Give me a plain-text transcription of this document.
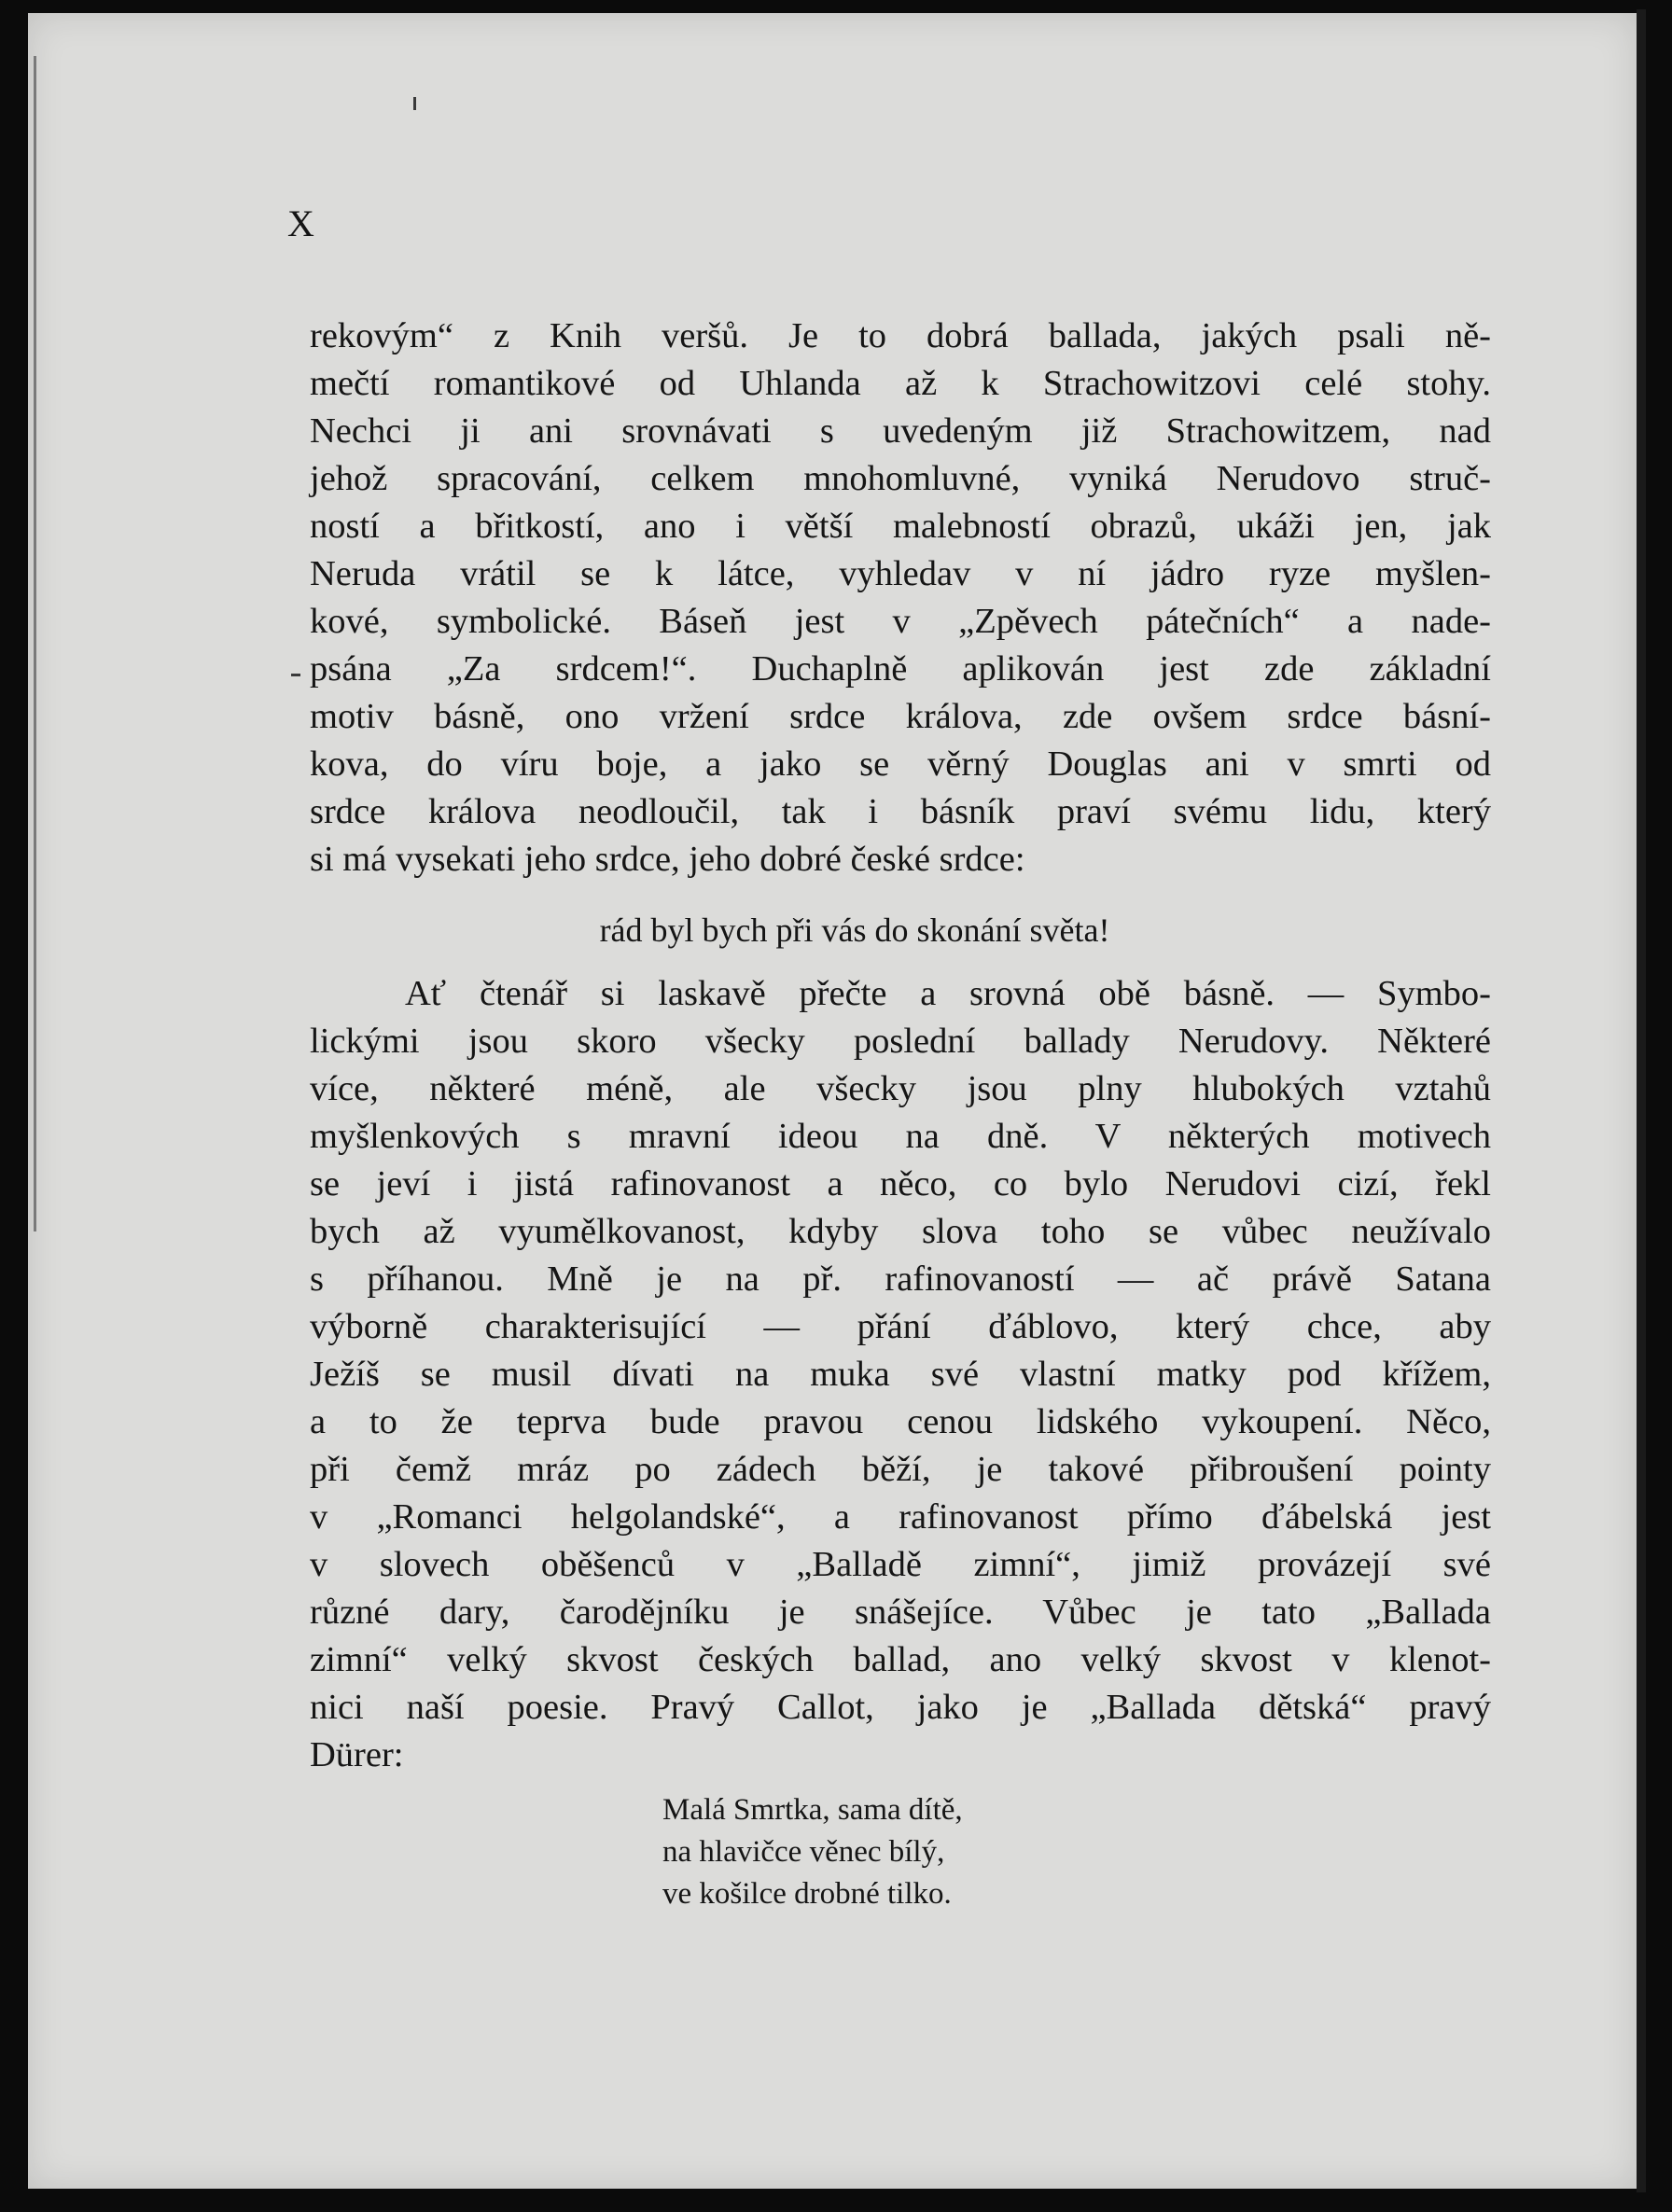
X
rekovým“ z Knih veršů. Je to dobrá ballada, jakých psali ně-
mečtí romantikové od Uhlanda až k Strachowitzovi celé stohy.
Nechci ji ani srovnávati s uvedeným již Strachowitzem, nad
jehož spracování, celkem mnohomluvné, vyniká Nerudovo struč-
ností a břitkostí, ano i větší malebností obrazů, ukáži jen, jak
Neruda vrátil se k látce, vyhledav v ní jádro ryze myšlen-
kové, symbolické. Báseň jest v „Zpěvech pátečních“ a nade-
psána „Za srdcem!“. Duchaplně aplikován jest zde základní
motiv básně, ono vržení srdce králova, zde ovšem srdce básní-
kova, do víru boje, a jako se věrný Douglas ani v smrti od
srdce králova neodloučil, tak i básník praví svému lidu, který
si má vysekati jeho srdce, jeho dobré české srdce:
rád byl bych při vás do skonání světa!
Ať čtenář si laskavě přečte a srovná obě básně. — Symbo-
lickými jsou skoro všecky poslední ballady Nerudovy. Některé
více, některé méně, ale všecky jsou plny hlubokých vztahů
myšlenkových s mravní ideou na dně. V některých motivech
se jeví i jistá rafinovanost a něco, co bylo Nerudovi cizí, řekl
bych až vyumělkovanost, kdyby slova toho se vůbec neužívalo
s příhanou. Mně je na př. rafinovaností — ač právě Satana
výborně charakterisující — přání ďáblovo, který chce, aby
Ježíš se musil dívati na muka své vlastní matky pod křížem,
a to že teprva bude pravou cenou lidského vykoupení. Něco,
při čemž mráz po zádech běží, je takové přibroušení pointy
v „Romanci helgolandské“, a rafinovanost přímo ďábelská jest
v slovech oběšenců v „Balladě zimní“, jimiž provázejí své
různé dary, čarodějníku je snášejíce. Vůbec je tato „Ballada
zimní“ velký skvost českých ballad, ano velký skvost v klenot-
nici naší poesie. Pravý Callot, jako je „Ballada dětská“ pravý
Dürer:
Malá Smrtka, sama dítě,
na hlavičce věnec bílý,
ve košilce drobné tilko.
